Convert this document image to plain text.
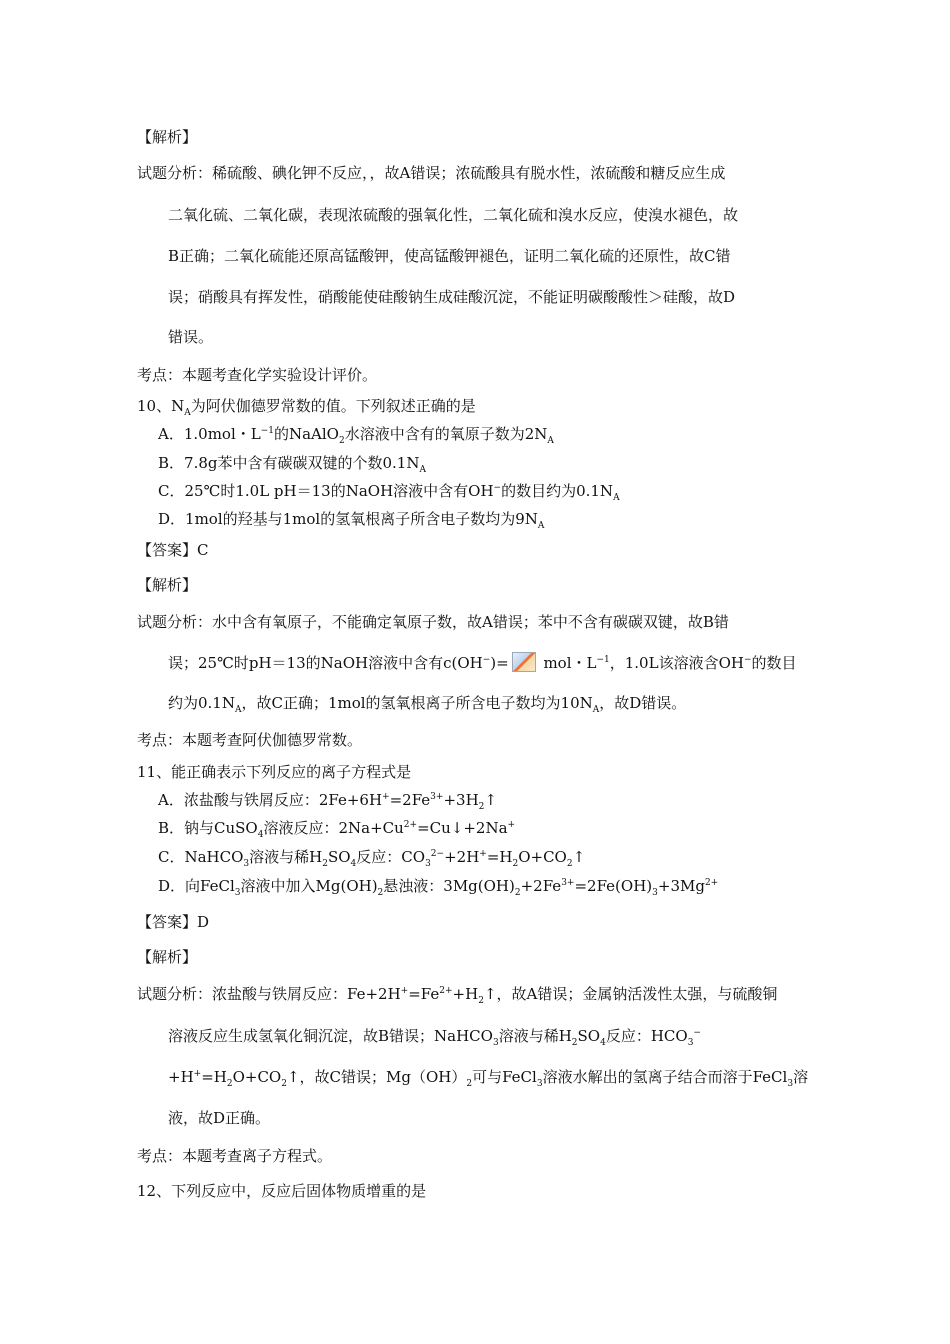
【解析】
试题分析：稀硫酸、碘化钾不反应，，故A错误；浓硫酸具有脱水性，浓硫酸和糖反应生成
二氧化硫、二氧化碳，表现浓硫酸的强氧化性，二氧化硫和溴水反应，使溴水褪色，故
B正确；二氧化硫能还原高锰酸钾，使高锰酸钾褪色，证明二氧化硫的还原性，故C错
误；硝酸具有挥发性，硝酸能使硅酸钠生成硅酸沉淀，不能证明碳酸酸性＞硅酸，故D
错误。
考点：本题考查化学实验设计评价。
10、$N_A$为阿伏伽德罗常数的值。下列叙述正确的是
A．1.0mol・$L^{-1}$的NaAlO$_2$水溶液中含有的氧原子数为$2N_A$
B．7.8g苯中含有碳碳双键的个数$0.1N_A$
C．25℃时1.0L pH＝13的NaOH溶液中含有OH−的数目约为$0.1N_A$
D．1mol的羟基与1mol的氢氧根离子所含电子数均为$9N_A$
【答案】C
【解析】
试题分析：水中含有氧原子，不能确定氧原子数，故A错误；苯中不含有碳碳双键，故B错
误；25℃时pH＝13的NaOH溶液中含有c(OH−)= mol・$L^{-1}$，1.0L该溶液含OH−的数目
约为$0.1N_A$，故C正确；1mol的氢氧根离子所含电子数均为$10N_A$，故D错误。
考点：本题考查阿伏伽德罗常数。
11、能正确表示下列反应的离子方程式是
A．浓盐酸与铁屑反应：$2Fe+6H^+=2Fe^{3+}+3H_2↑$
B．钠与CuSO$_4$溶液反应：$2Na+Cu^{2+}=Cu↓+2Na^+$
C．NaHCO$_3$溶液与稀$H_2SO_4$反应：$CO_3^{2-}+2H^+=H_2O+CO_2↑$
D．向FeCl$_3$溶液中加入$Mg(OH)_2$悬浊液：$3Mg(OH)_2+2Fe^{3+}=2Fe(OH)_3+3Mg^{2+}$
【答案】D
【解析】
试题分析：浓盐酸与铁屑反应：$Fe+2H^+=Fe^{2+}+H_2↑$，故A错误；金属钠活泼性太强，与硫酸铜
溶液反应生成氢氧化铜沉淀，故B错误；NaHCO$_3$溶液与稀$H_2SO_4$反应：$HCO_3^-$
$+H^+=H_2O+CO_2↑$，故C错误；$Mg(OH)_2$可与FeCl$_3$溶液水解出的氢离子结合而溶于FeCl$_3$溶
液，故D正确。
考点：本题考查离子方程式。
12、下列反应中，反应后固体物质增重的是
